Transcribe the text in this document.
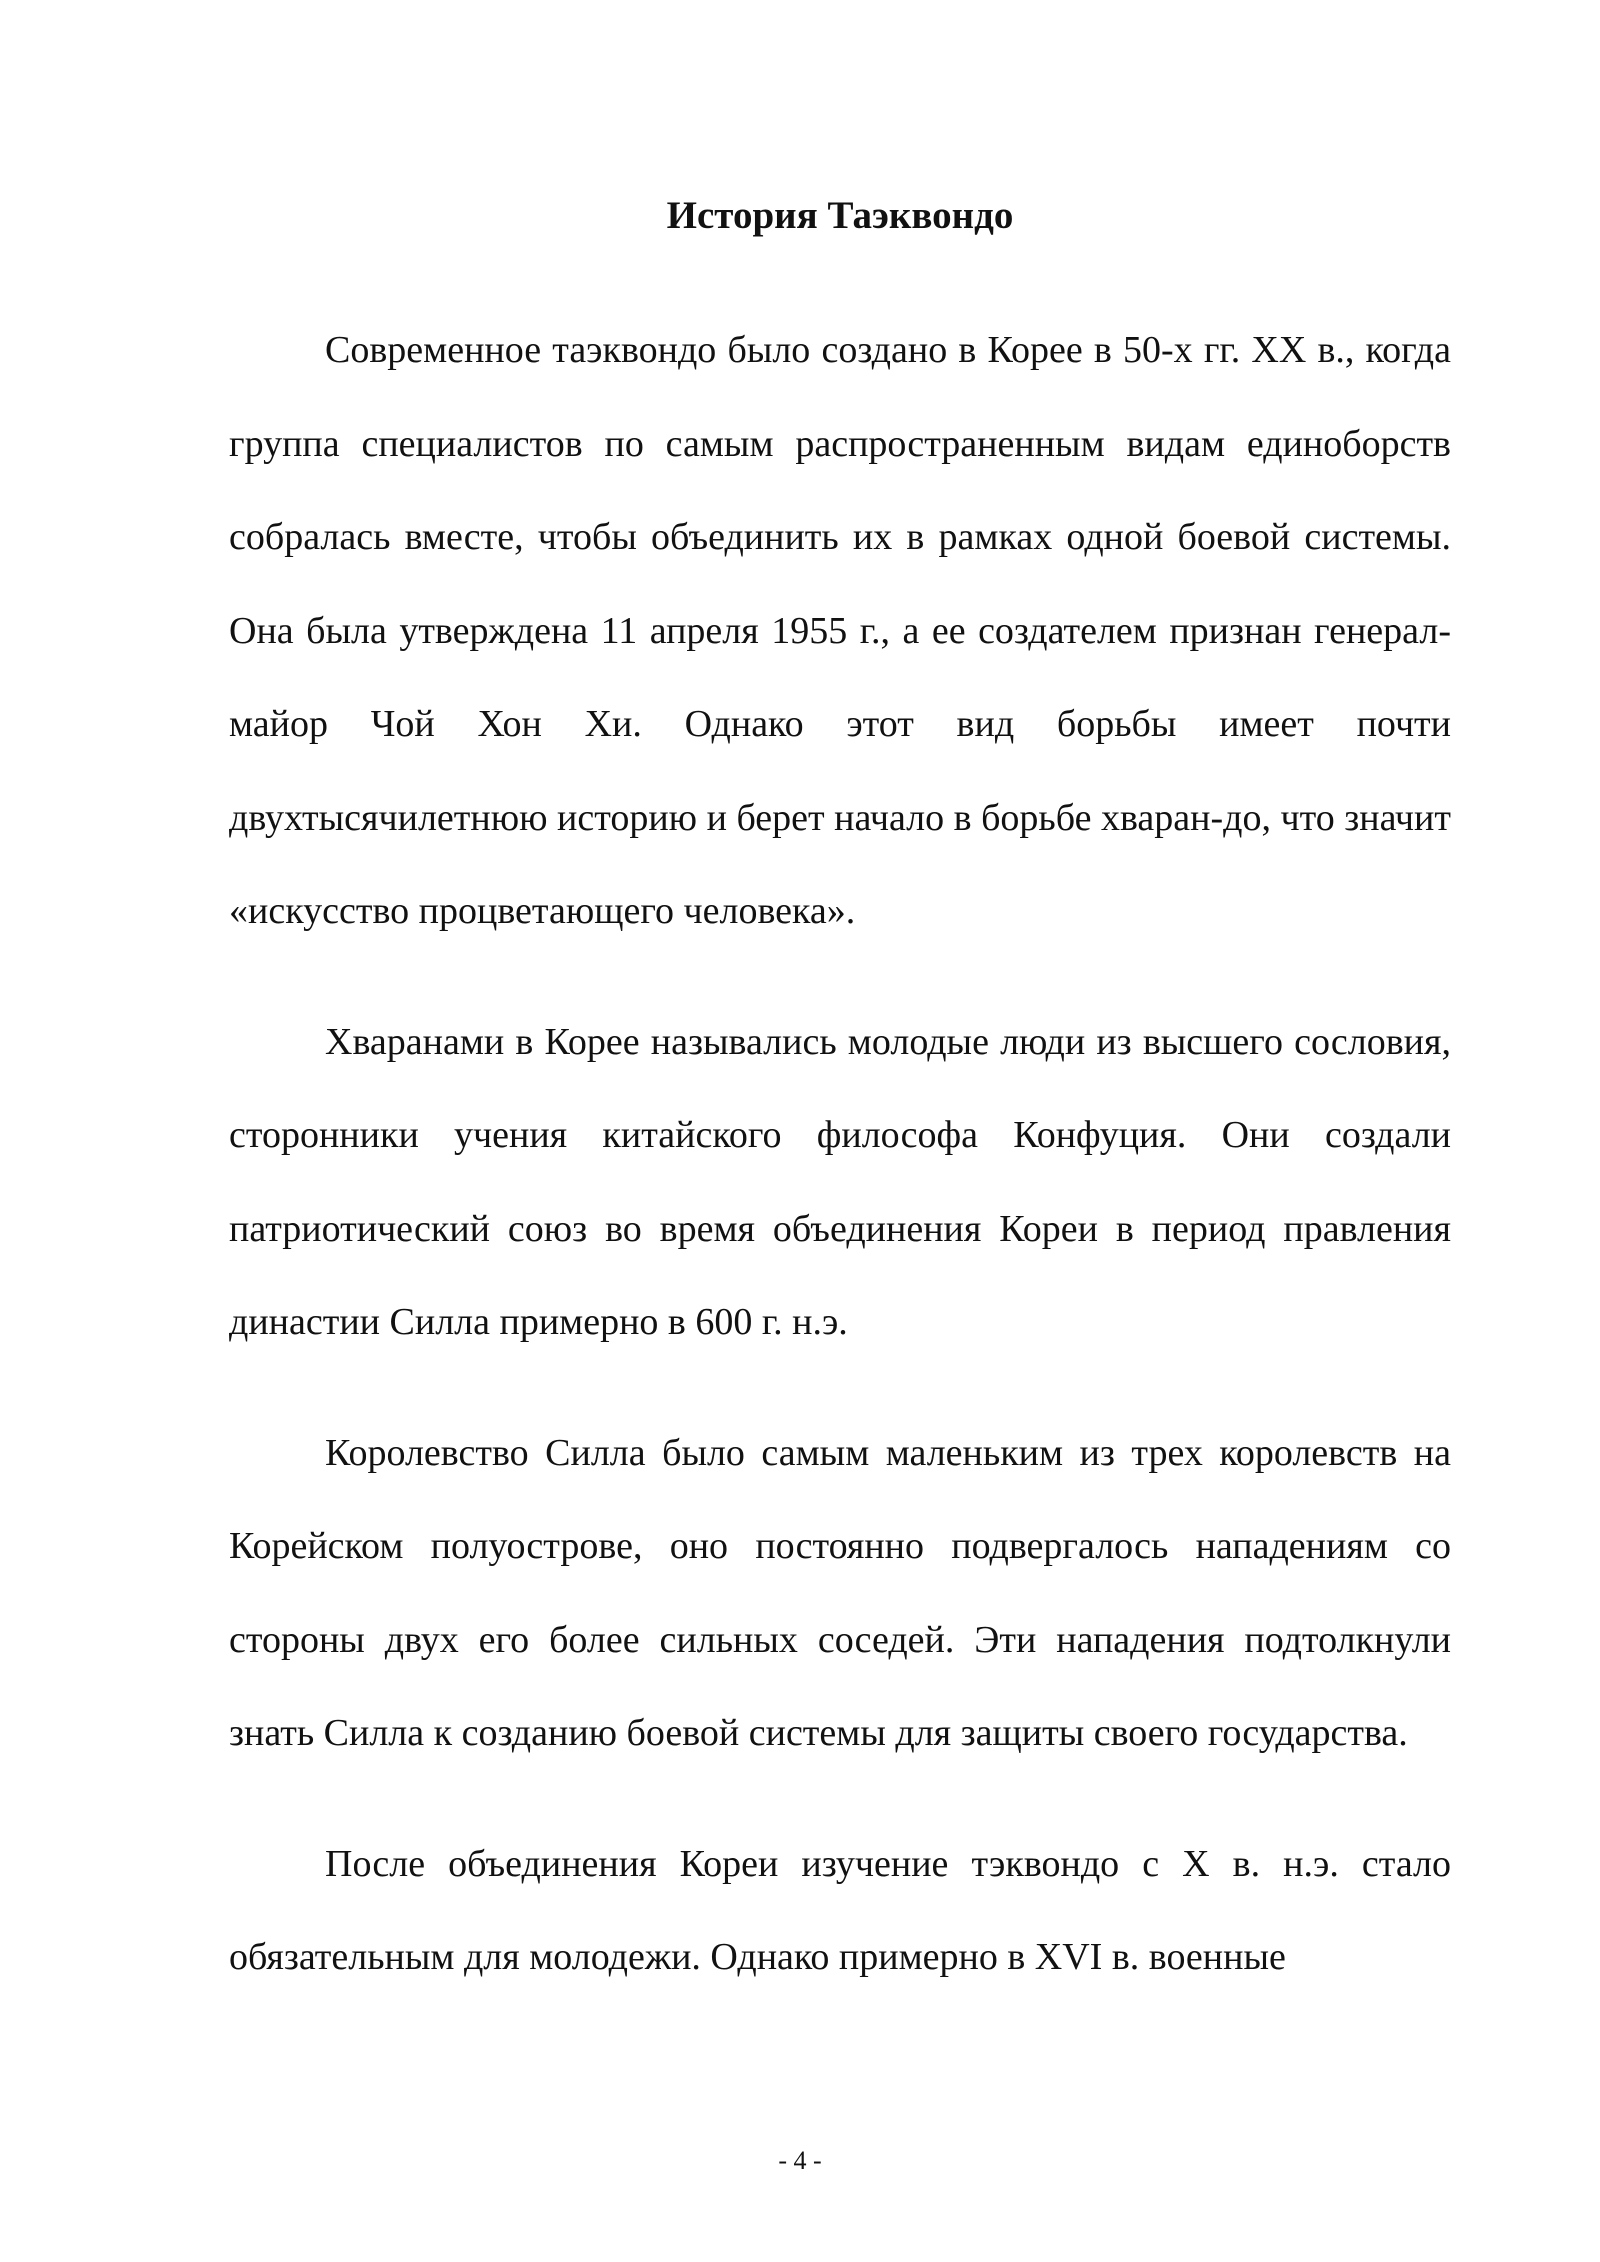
История Таэквондо

Современное таэквондо было создано в Корее в 50-х гг. XX в., когда группа специалистов по самым распространенным видам единоборств собралась вместе, чтобы объединить их в рамках одной боевой системы. Она была утверждена 11 апреля 1955 г., а ее создателем признан генерал-майор Чой Хон Хи. Однако этот вид борьбы имеет почти двухтысячилетнюю историю и берет начало в борьбе хваран-до, что значит «искусство процветающего человека».

Хваранами в Корее назывались молодые люди из высшего сословия, сторонники учения китайского философа Конфуция. Они создали патриотический союз во время объединения Кореи в период правления династии Силла примерно в 600 г. н.э.

Королевство Силла было самым маленьким из трех королевств на Корейском полуострове, оно постоянно подвергалось нападениям со стороны двух его более сильных соседей. Эти нападения подтолкнули знать Силла к созданию боевой системы для защиты своего государства.

После объединения Кореи изучение тэквондо с X в. н.э. стало обязательным для молодежи. Однако примерно в XVI в. военные

- 4 -
